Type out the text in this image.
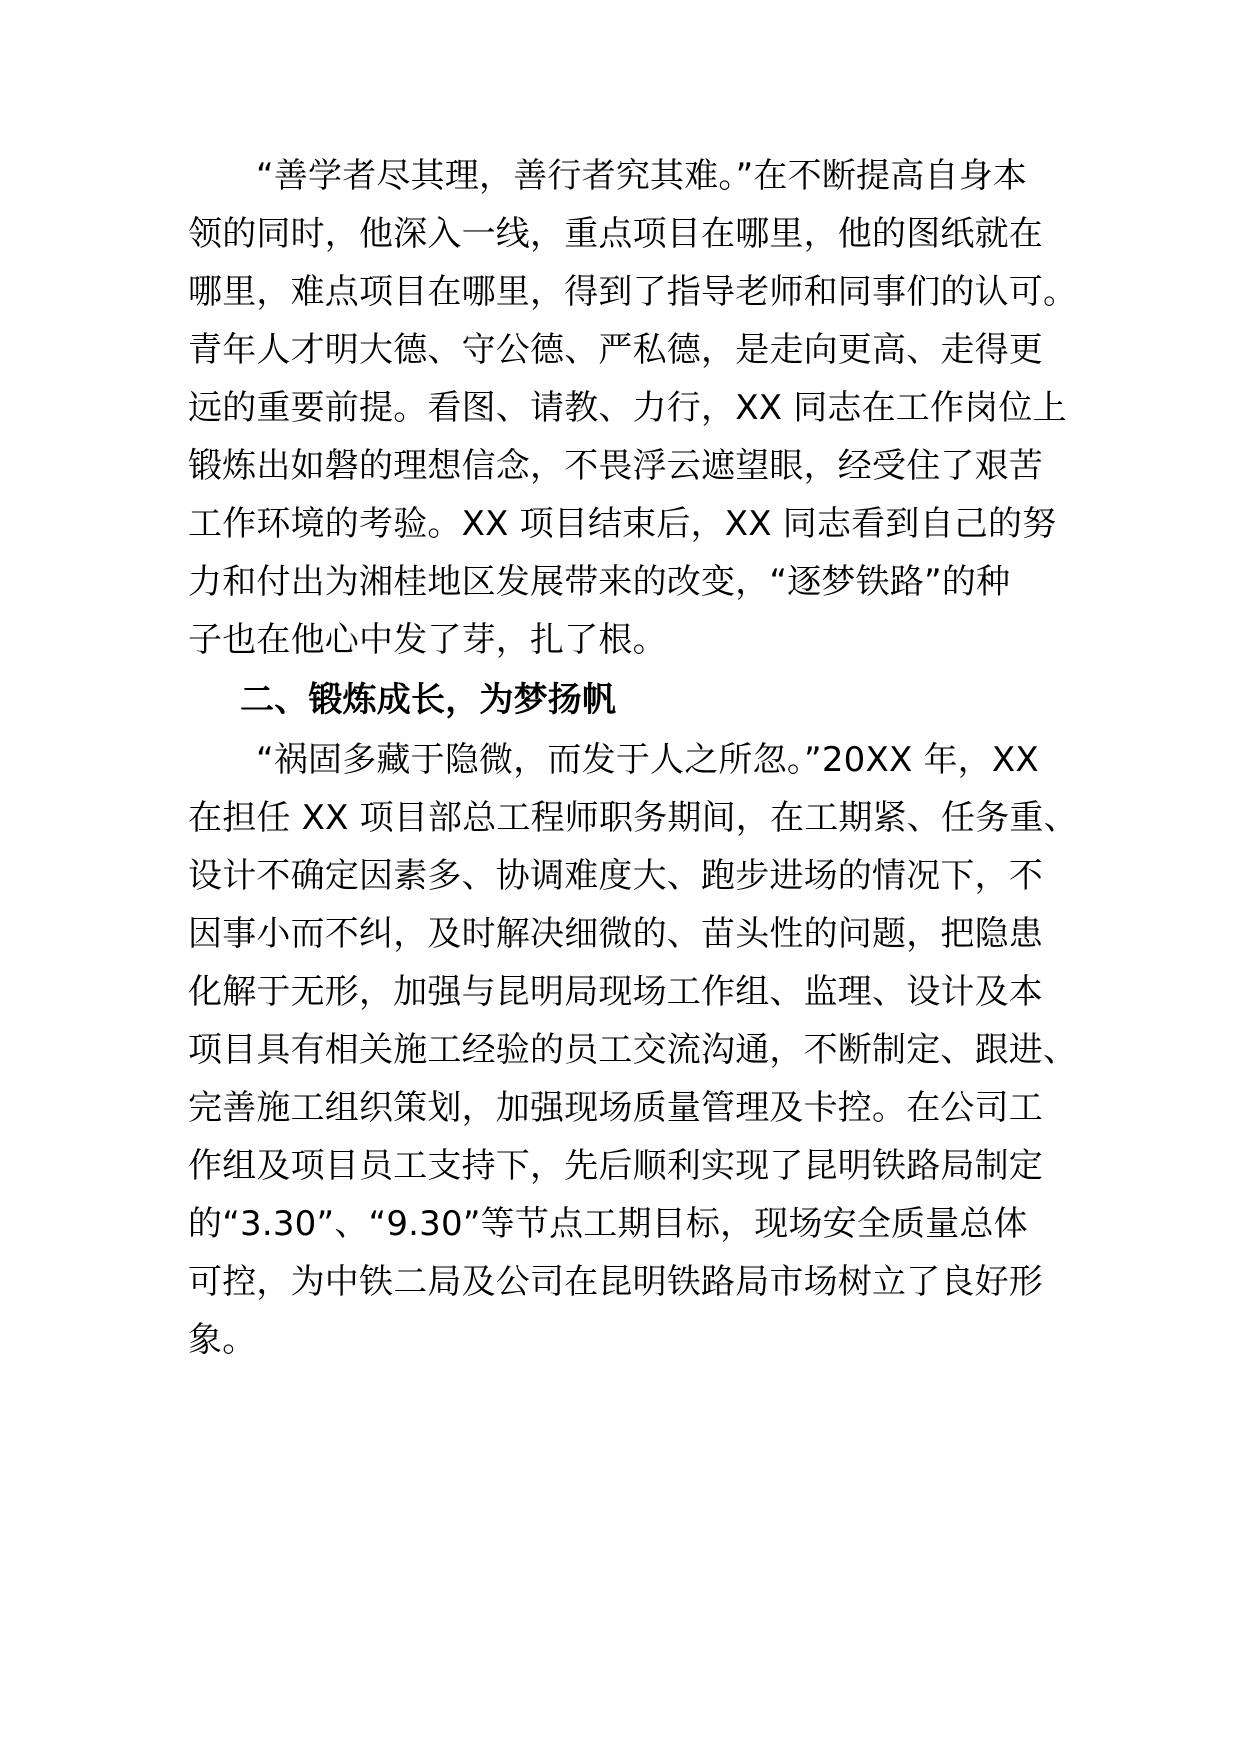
“善学者尽其理，善行者究其难。”在不断提高自身本
领的同时，他深入一线，重点项目在哪里，他的图纸就在
哪里，难点项目在哪里，得到了指导老师和同事们的认可。
青年人才明大德、守公德、严私德，是走向更高、走得更
远的重要前提。看图、请教、力行，XX 同志在工作岗位上
锻炼出如磐的理想信念，不畏浮云遮望眼，经受住了艰苦
工作环境的考验。XX 项目结束后，XX 同志看到自己的努
力和付出为湘桂地区发展带来的改变，“逐梦铁路”的种
子也在他心中发了芽，扎了根。
二、锻炼成长，为梦扬帆
“祸固多藏于隐微，而发于人之所忽。”20XX 年，XX
在担任 XX 项目部总工程师职务期间，在工期紧、任务重、
设计不确定因素多、协调难度大、跑步进场的情况下，不
因事小而不纠，及时解决细微的、苗头性的问题，把隐患
化解于无形，加强与昆明局现场工作组、监理、设计及本
项目具有相关施工经验的员工交流沟通，不断制定、跟进、
完善施工组织策划，加强现场质量管理及卡控。在公司工
作组及项目员工支持下，先后顺利实现了昆明铁路局制定
的“3.30”、“9.30”等节点工期目标，现场安全质量总体
可控，为中铁二局及公司在昆明铁路局市场树立了良好形
象。
